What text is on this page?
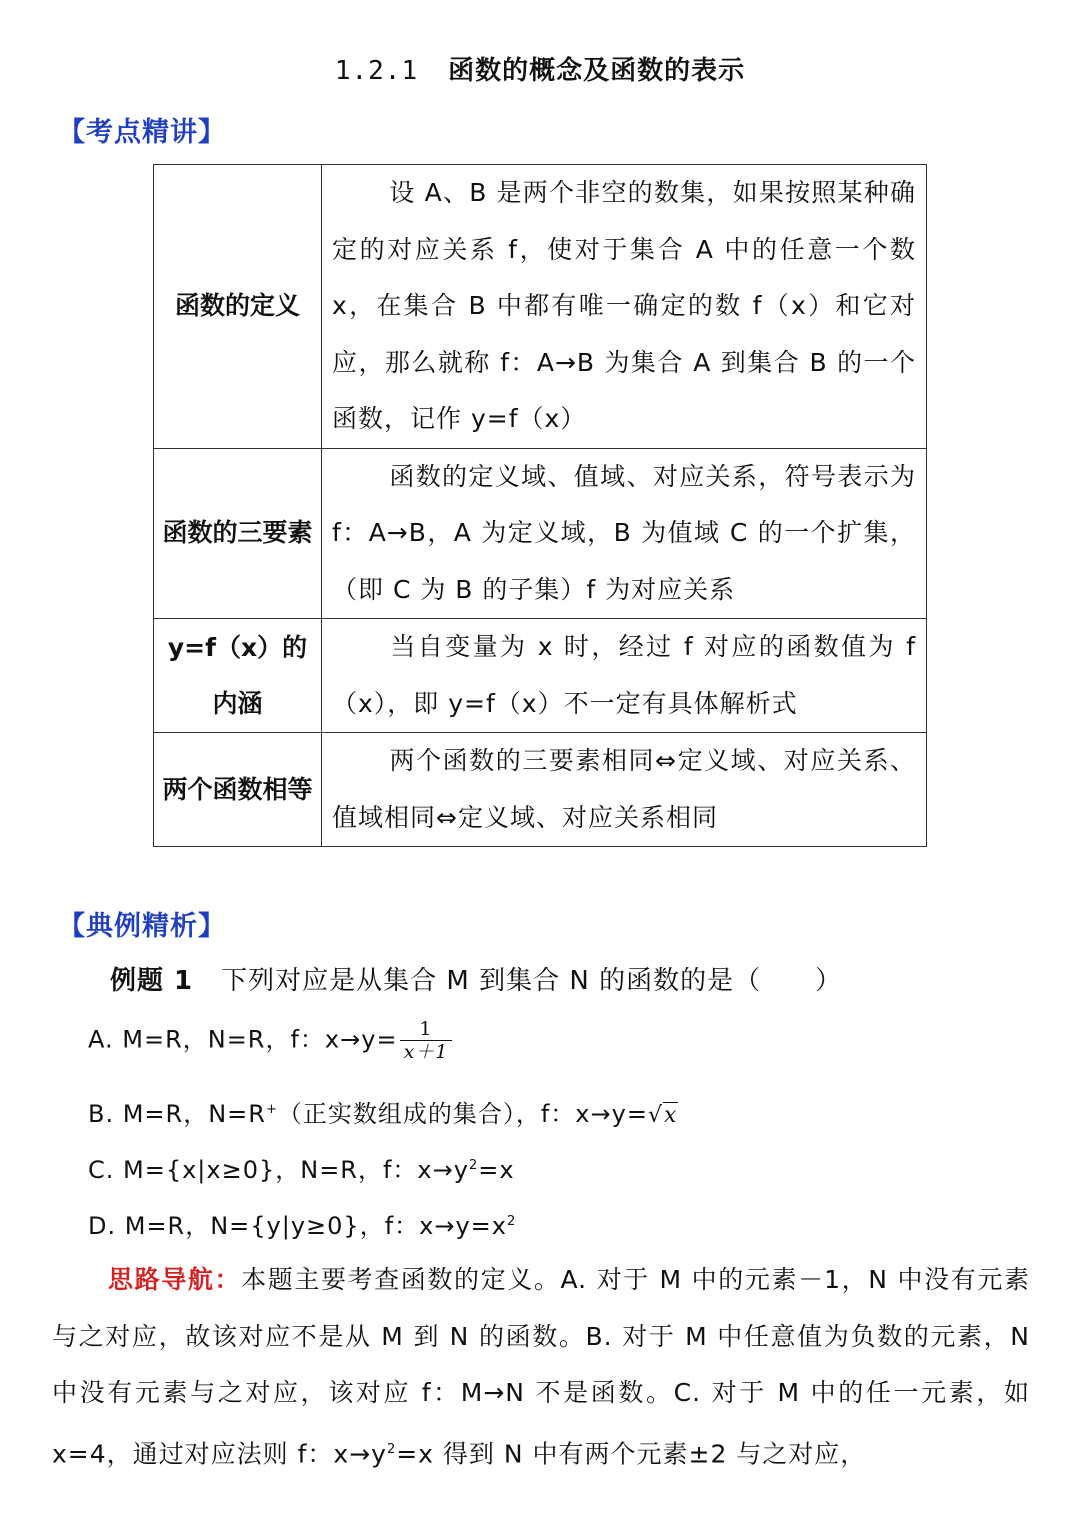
1.2.1 函数的概念及函数的表示
【考点精讲】
函数的定义	设 A、B 是两个非空的数集，如果按照某种确定的对应关系 f，使对于集合 A 中的任意一个数 x，在集合 B 中都有唯一确定的数 f（x）和它对应，那么就称 f：A→B 为集合 A 到集合 B 的一个函数，记作 y=f（x）
函数的三要素	函数的定义域、值域、对应关系，符号表示为 f：A→B，A 为定义域，B 为值域 C 的一个扩集，（即 C 为 B 的子集）f 为对应关系
y=f（x）的内涵	当自变量为 x 时，经过 f 对应的函数值为 f（x），即 y=f（x）不一定有具体解析式
两个函数相等	两个函数的三要素相同⇔定义域、对应关系、值域相同⇔定义域、对应关系相同
【典例精析】
例题 1 下列对应是从集合 M 到集合 N 的函数的是（　　）
A. M=R，N=R，f：$x\to y= \frac{1}{x+1}$
B. M=R，N=R+（正实数组成的集合），f：x→y=√x
C. M={x|x≥0}，N=R，f：$x\to y^2=x$
D. M=R，N={y|y≥0}，f：$x\to y=x^2$
思路导航：本题主要考查函数的定义。A. 对于 M 中的元素－1，N 中没有元素与之对应，故该对应不是从 M 到 N 的函数。B. 对于 M 中任意值为负数的元素，N 中没有元素与之对应，该对应 f：M→N 不是函数。C. 对于 M 中的任一元素，如 x=4，通过对应法则 f：$x\to y^2=x$ 得到 N 中有两个元素±2 与之对应，
